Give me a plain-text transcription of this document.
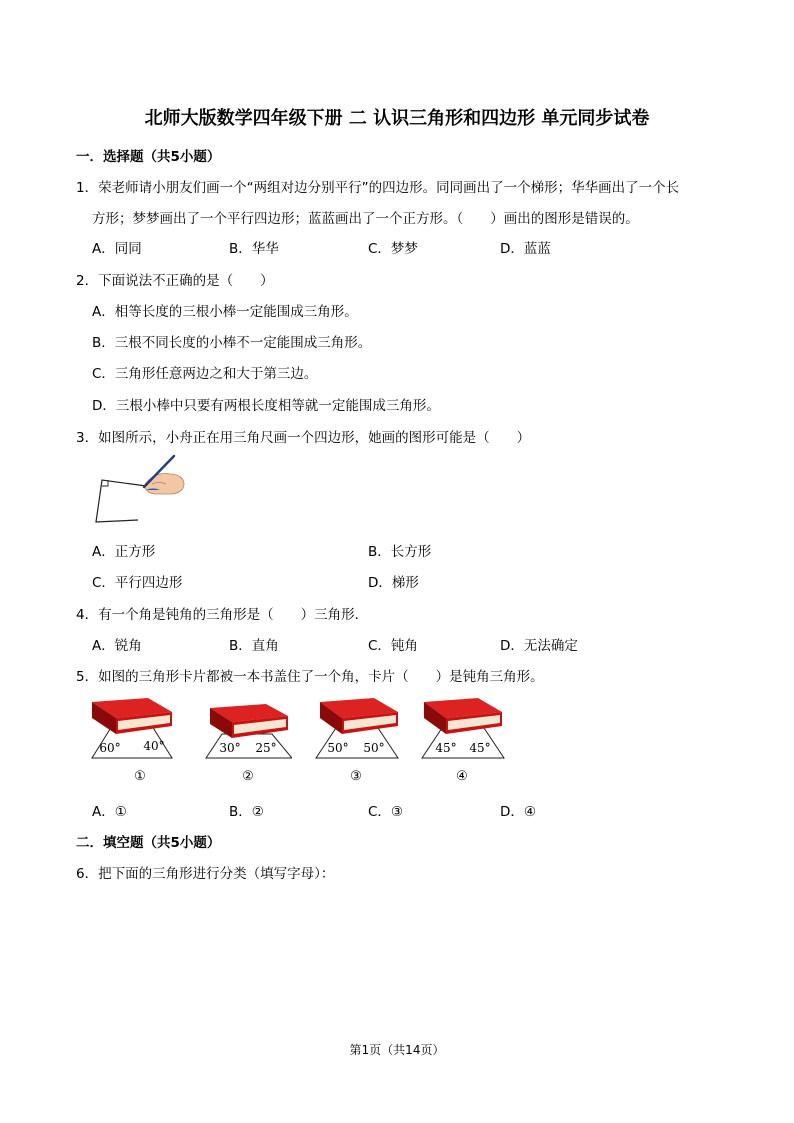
北师大版数学四年级下册 二 认识三角形和四边形 单元同步试卷
一．选择题（共5小题）
1．荣老师请小朋友们画一个“两组对边分别平行”的四边形。同同画出了一个梯形；华华画出了一个长
方形；梦梦画出了一个平行四边形；蓝蓝画出了一个正方形。（　　）画出的图形是错误的。
A．同同	B．华华	C．梦梦	D．蓝蓝
2．下面说法不正确的是（　　）
A．相等长度的三根小棒一定能围成三角形。
B．三根不同长度的小棒不一定能围成三角形。
C．三角形任意两边之和大于第三边。
D．三根小棒中只要有两根长度相等就一定能围成三角形。
3．如图所示，小舟正在用三角尺画一个四边形，她画的图形可能是（　　）
A．正方形	B．长方形
C．平行四边形	D．梯形
4．有一个角是钝角的三角形是（　　）三角形．
A．锐角	B．直角	C．钝角	D．无法确定
5．如图的三角形卡片都被一本书盖住了一个角，卡片（　　）是钝角三角形。
60° 40°
①
30° 25°
②
50° 50°
③
45° 45°
④
A．①	B．②	C．③	D．④
二．填空题（共5小题）
6．把下面的三角形进行分类（填写字母）：
第1页（共14页）
